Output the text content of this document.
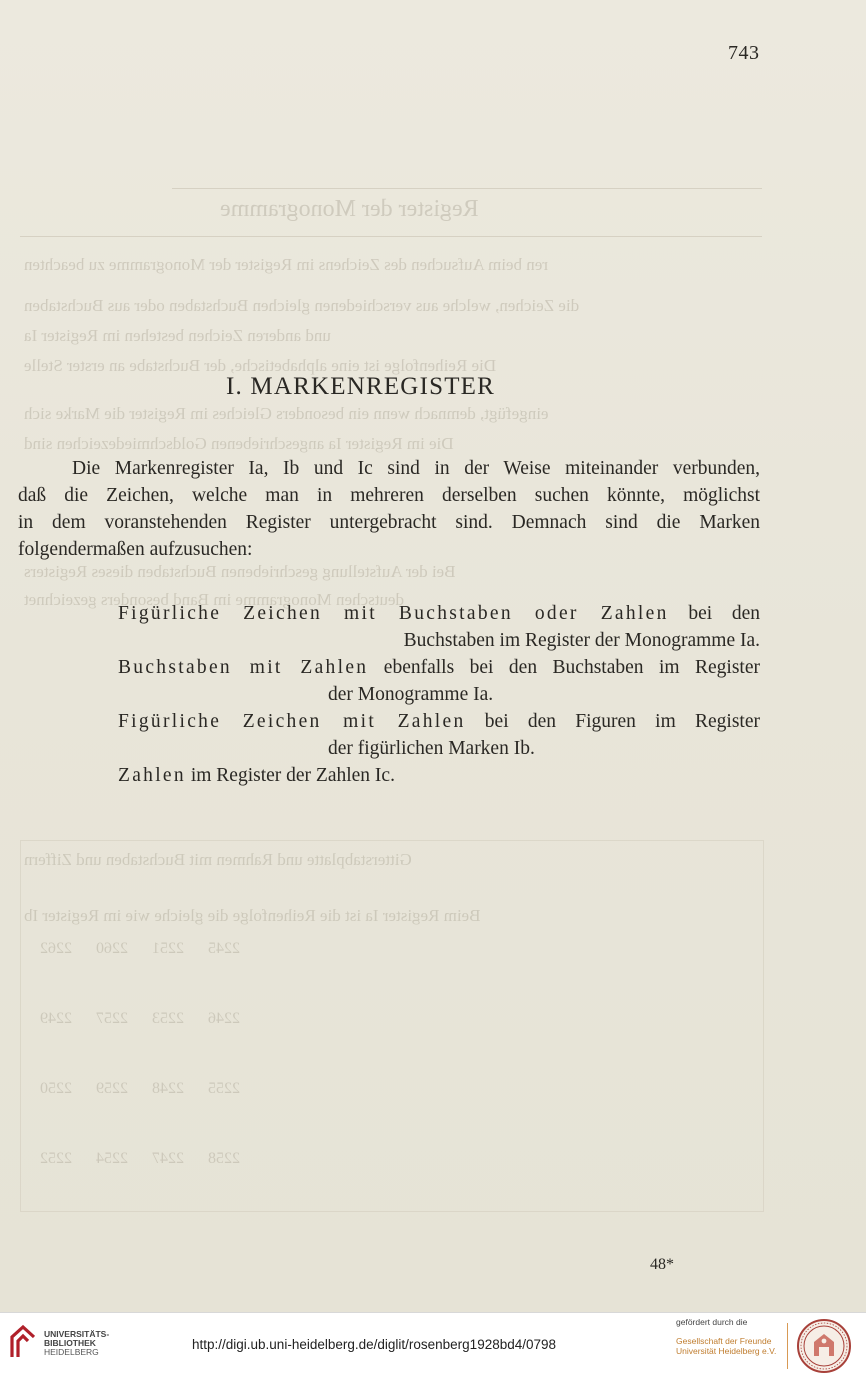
Register der Monogramme
ren beim Aufsuchen des Zeichens im Register der Monogramme zu beachten
die Zeichen, welche aus verschiedenen gleichen Buchstaben oder aus Buchstaben
und anderen Zeichen bestehen im Register Ia
Die Reihenfolge ist eine alphabetische, der Buchstabe an erster Stelle
eingefügt, demnach wenn ein besonders Gleiches im Register die Marke sich
Die im Register Ia angeschriebenen Goldschmiedezeichen sind
Bei der Aufstellung geschriebenen Buchstaben dieses Registers
deutschen Monogramme im Band besonders gezeichnet
Gitterstabplatte und Rahmen mit Buchstaben und Ziffern
Beim Register Ia ist die Reihenfolge die gleiche wie im Register Ib
2245      2251      2260      2262
2246      2253      2257      2249
2255      2248      2259      2250
2258      2247      2254      2252
743
I. MARKENREGISTER

Die Markenregister Ia, Ib und Ic sind in der Weise miteinander verbunden,
daß die Zeichen, welche man in mehreren derselben suchen könnte, möglichst
in dem voranstehenden Register untergebracht sind. Demnach sind die Marken
folgendermaßen aufzusuchen:

Figürliche Zeichen mit Buchstaben oder Zahlen bei den
Buchstaben im Register der Monogramme Ia.
Buchstaben mit Zahlen ebenfalls bei den Buchstaben im Register
der Monogramme Ia.
Figürliche Zeichen mit Zahlen bei den Figuren im Register
der figürlichen Marken Ib.
Zahlen im Register der Zahlen Ic.
48*
UNIVERSITÄTS-
BIBLIOTHEK
HEIDELBERG	http://digi.ub.uni-heidelberg.de/diglit/rosenberg1928bd4/0798
gefördert durch die
Gesellschaft der Freunde
Universität Heidelberg e.V.
